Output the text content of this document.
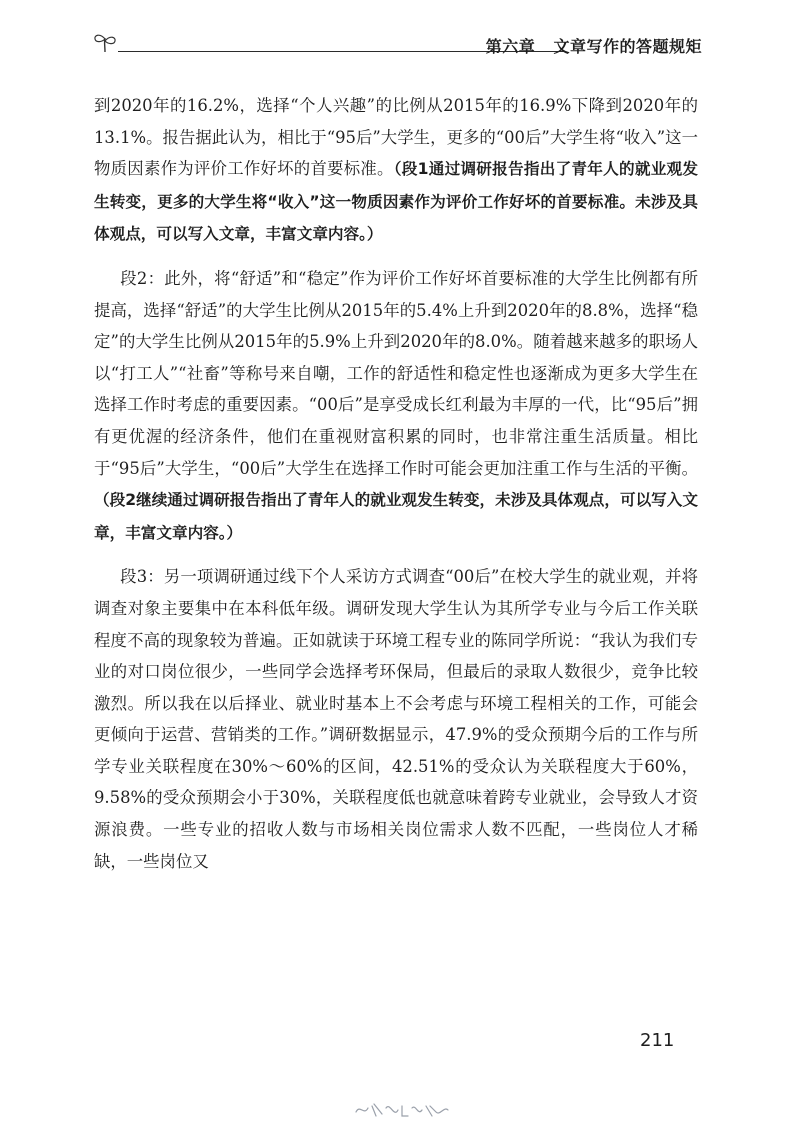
第六章 文章写作的答题规矩

到2020年的16.2%，选择“个人兴趣”的比例从2015年的16.9%下降到2020年的13.1%。报告据此认为，相比于“95后”大学生，更多的“00后”大学生将“收入”这一物质因素作为评价工作好坏的首要标准。（段1通过调研报告指出了青年人的就业观发生转变，更多的大学生将“收入”这一物质因素作为评价工作好坏的首要标准。未涉及具体观点，可以写入文章，丰富文章内容。）

段2：此外，将“舒适”和“稳定”作为评价工作好坏首要标准的大学生比例都有所提高，选择“舒适”的大学生比例从2015年的5.4%上升到2020年的8.8%，选择“稳定”的大学生比例从2015年的5.9%上升到2020年的8.0%。随着越来越多的职场人以“打工人”“社畜”等称号来自嘲，工作的舒适性和稳定性也逐渐成为更多大学生在选择工作时考虑的重要因素。“00后”是享受成长红利最为丰厚的一代，比“95后”拥有更优渥的经济条件，他们在重视财富积累的同时，也非常注重生活质量。相比于“95后”大学生，“00后”大学生在选择工作时可能会更加注重工作与生活的平衡。（段2继续通过调研报告指出了青年人的就业观发生转变，未涉及具体观点，可以写入文章，丰富文章内容。）

段3：另一项调研通过线下个人采访方式调查“00后”在校大学生的就业观，并将调查对象主要集中在本科低年级。调研发现大学生认为其所学专业与今后工作关联程度不高的现象较为普遍。正如就读于环境工程专业的陈同学所说：“我认为我们专业的对口岗位很少，一些同学会选择考环保局，但最后的录取人数很少，竞争比较激烈。所以我在以后择业、就业时基本上不会考虑与环境工程相关的工作，可能会更倾向于运营、营销类的工作。”调研数据显示，47.9%的受众预期今后的工作与所学专业关联程度在30%～60%的区间，42.51%的受众认为关联程度大于60%，9.58%的受众预期会小于30%，关联程度低也就意味着跨专业就业，会导致人才资源浪费。一些专业的招收人数与市场相关岗位需求人数不匹配，一些岗位人才稀缺，一些岗位又

211
